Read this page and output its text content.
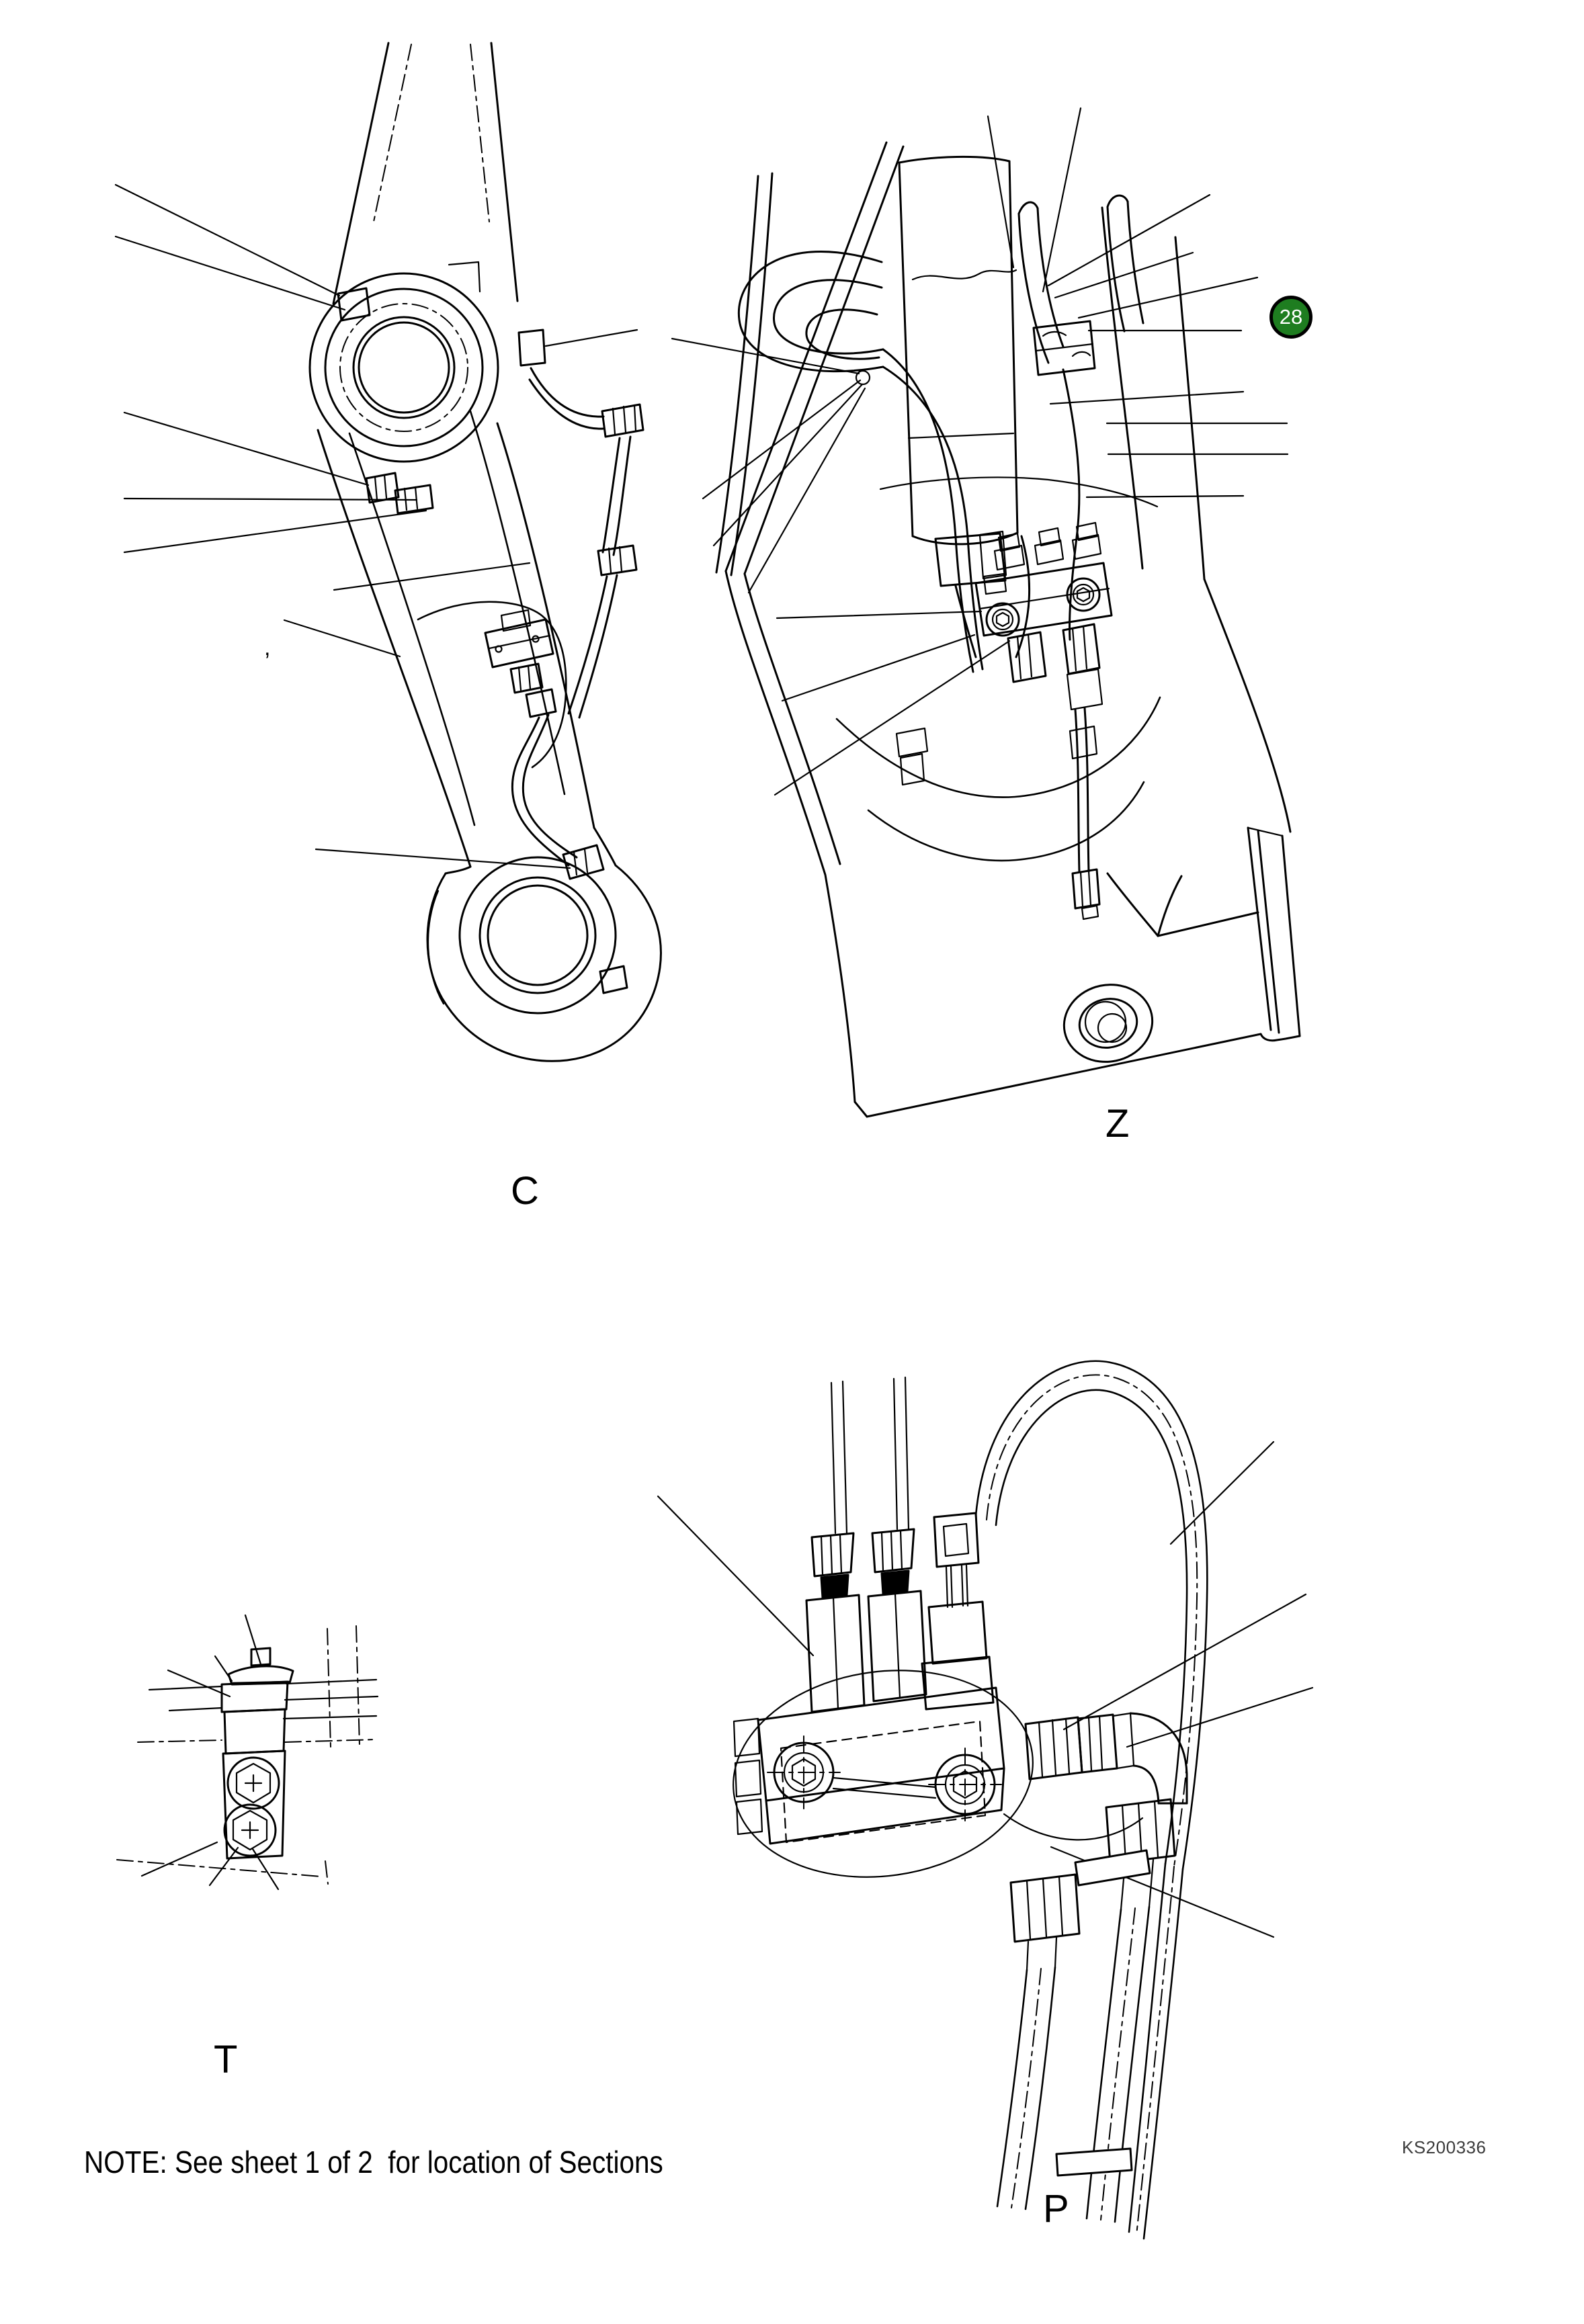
28
C
Z
T
P
NOTE: See sheet 1 of 2  for location of Sections	KS200336
,
